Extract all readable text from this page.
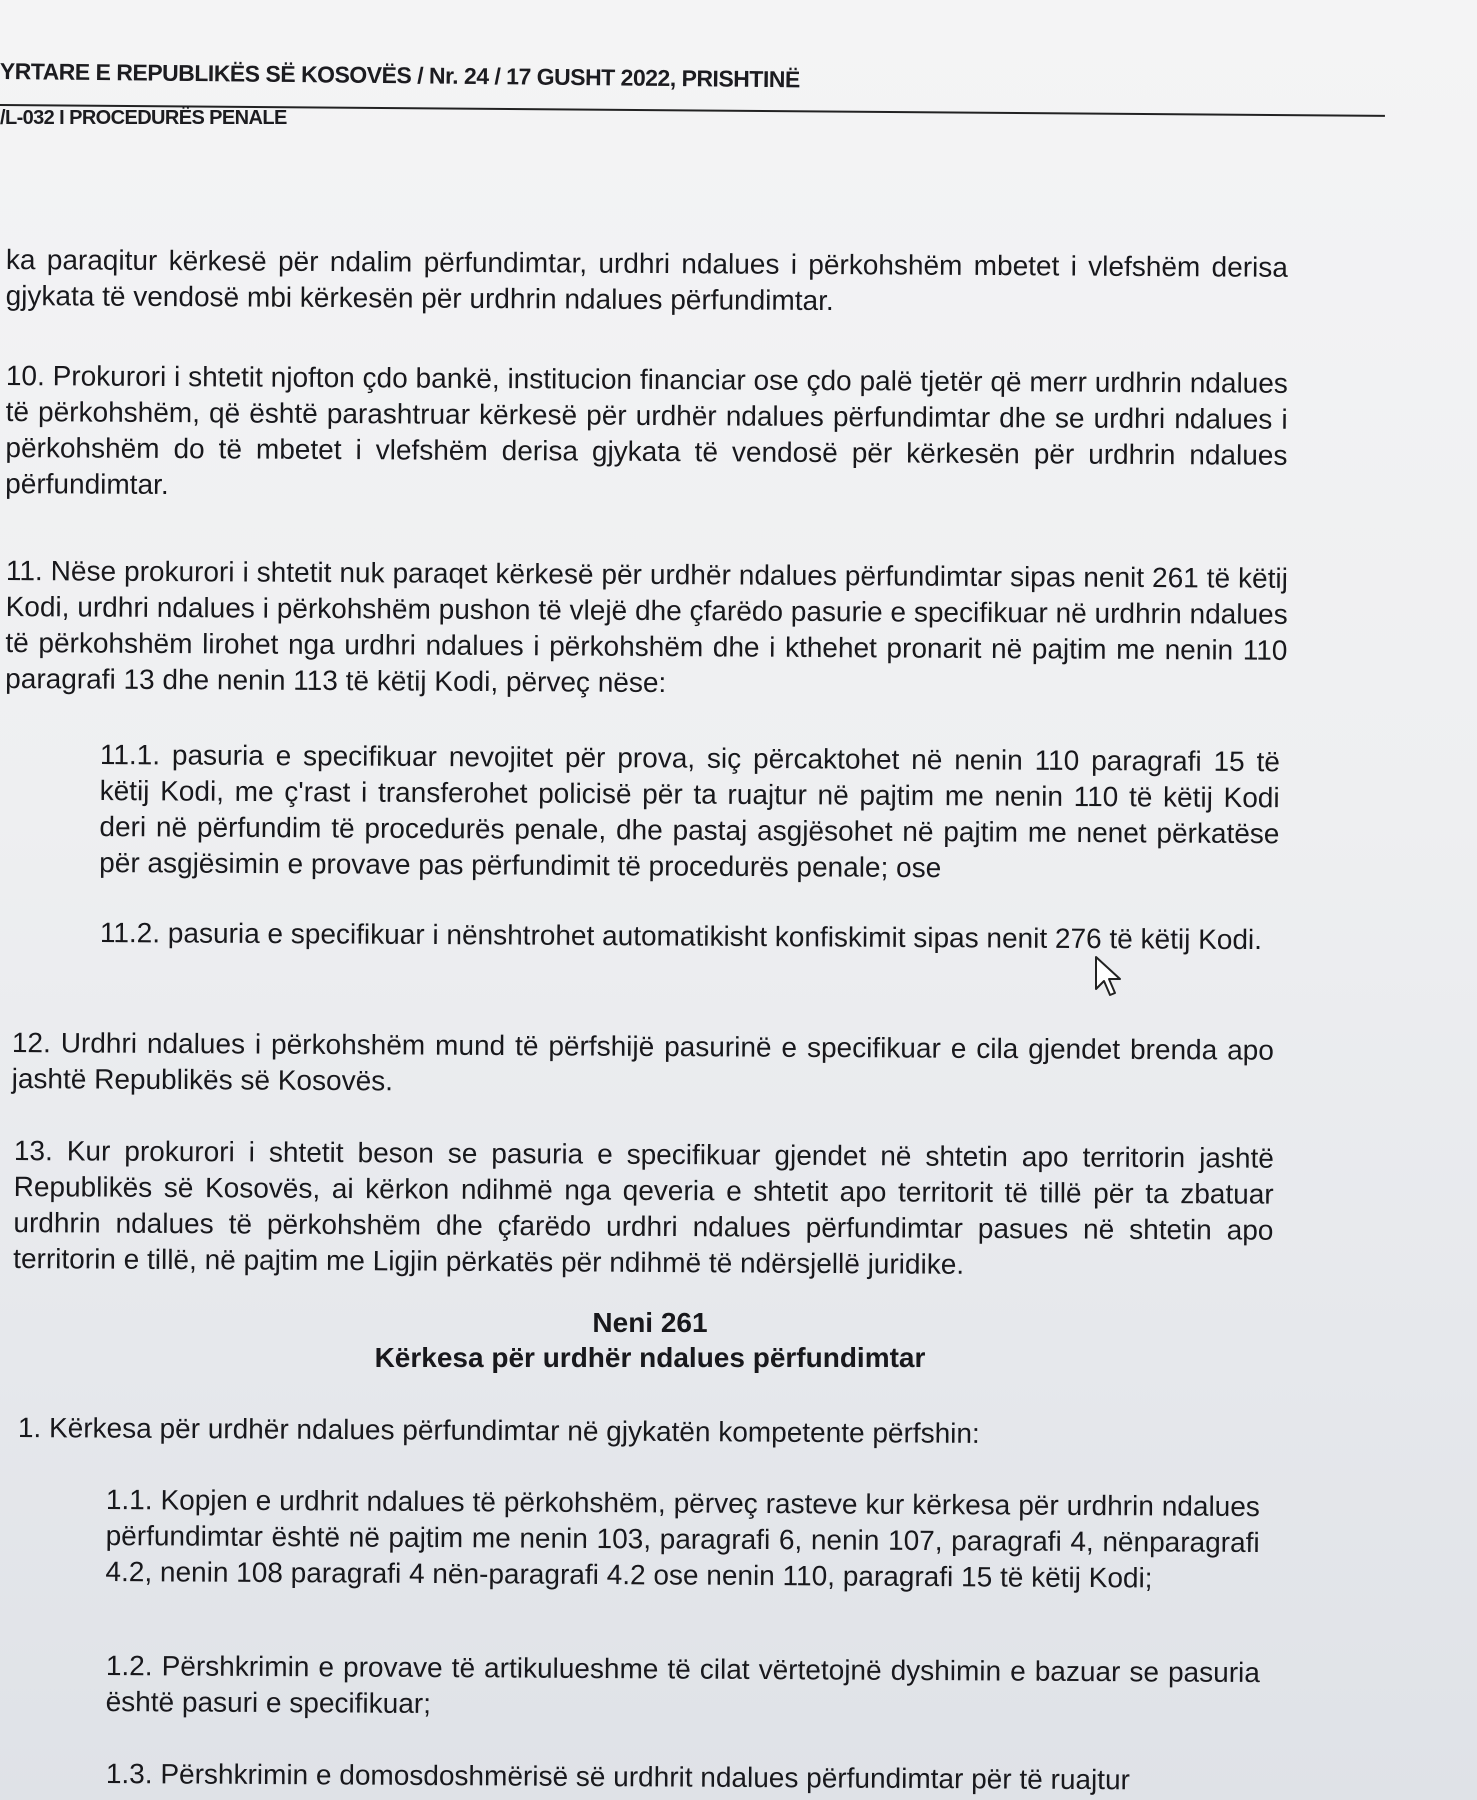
YRTARE E REPUBLIKËS SË KOSOVËS / Nr. 24 / 17 GUSHT 2022, PRISHTINË
/L-032 I PROCEDURËS PENALE
ka paraqitur kërkesë për ndalim përfundimtar, urdhri ndalues i përkohshëm mbetet i vlefshëm derisa gjykata të vendosë mbi kërkesën për urdhrin ndalues përfundimtar.
10. Prokurori i shtetit njofton çdo bankë, institucion financiar ose çdo palë tjetër që merr urdhrin ndalues të përkohshëm, që është parashtruar kërkesë për urdhër ndalues përfundimtar dhe se urdhri ndalues i përkohshëm do të mbetet i vlefshëm derisa gjykata të vendosë për kërkesën për urdhrin ndalues përfundimtar.
11. Nëse prokurori i shtetit nuk paraqet kërkesë për urdhër ndalues përfundimtar sipas nenit 261 të këtij Kodi, urdhri ndalues i përkohshëm pushon të vlejë dhe çfarëdo pasurie e specifikuar në urdhrin ndalues të përkohshëm lirohet nga urdhri ndalues i përkohshëm dhe i kthehet pronarit në pajtim me nenin 110 paragrafi 13 dhe nenin 113 të këtij Kodi, përveç nëse:
11.1. pasuria e specifikuar nevojitet për prova, siç përcaktohet në nenin 110 paragrafi 15 të këtij Kodi, me ç'rast i transferohet policisë për ta ruajtur në pajtim me nenin 110 të këtij Kodi deri në përfundim të procedurës penale, dhe pastaj asgjësohet në pajtim me nenet përkatëse për asgjësimin e provave pas përfundimit të procedurës penale; ose
11.2. pasuria e specifikuar i nënshtrohet automatikisht konfiskimit sipas nenit 276 të këtij Kodi.
12. Urdhri ndalues i përkohshëm mund të përfshijë pasurinë e specifikuar e cila gjendet brenda apo jashtë Republikës së Kosovës.
13. Kur prokurori i shtetit beson se pasuria e specifikuar gjendet në shtetin apo territorin jashtë Republikës së Kosovës, ai kërkon ndihmë nga qeveria e shtetit apo territorit të tillë për ta zbatuar urdhrin ndalues të përkohshëm dhe çfarëdo urdhri ndalues përfundimtar pasues në shtetin apo territorin e tillë, në pajtim me Ligjin përkatës për ndihmë të ndërsjellë juridike.
Neni 261
Kërkesa për urdhër ndalues përfundimtar
1. Kërkesa për urdhër ndalues përfundimtar në gjykatën kompetente përfshin:
1.1. Kopjen e urdhrit ndalues të përkohshëm, përveç rasteve kur kërkesa për urdhrin ndalues përfundimtar është në pajtim me nenin 103, paragrafi 6, nenin 107, paragrafi 4, nënparagrafi 4.2, nenin 108 paragrafi 4 nën-paragrafi 4.2 ose nenin 110, paragrafi 15 të këtij Kodi;
1.2. Përshkrimin e provave të artikulueshme të cilat vërtetojnë dyshimin e bazuar se pasuria është pasuri e specifikuar;
1.3. Përshkrimin e domosdoshmërisë së urdhrit ndalues përfundimtar për të ruajtur
